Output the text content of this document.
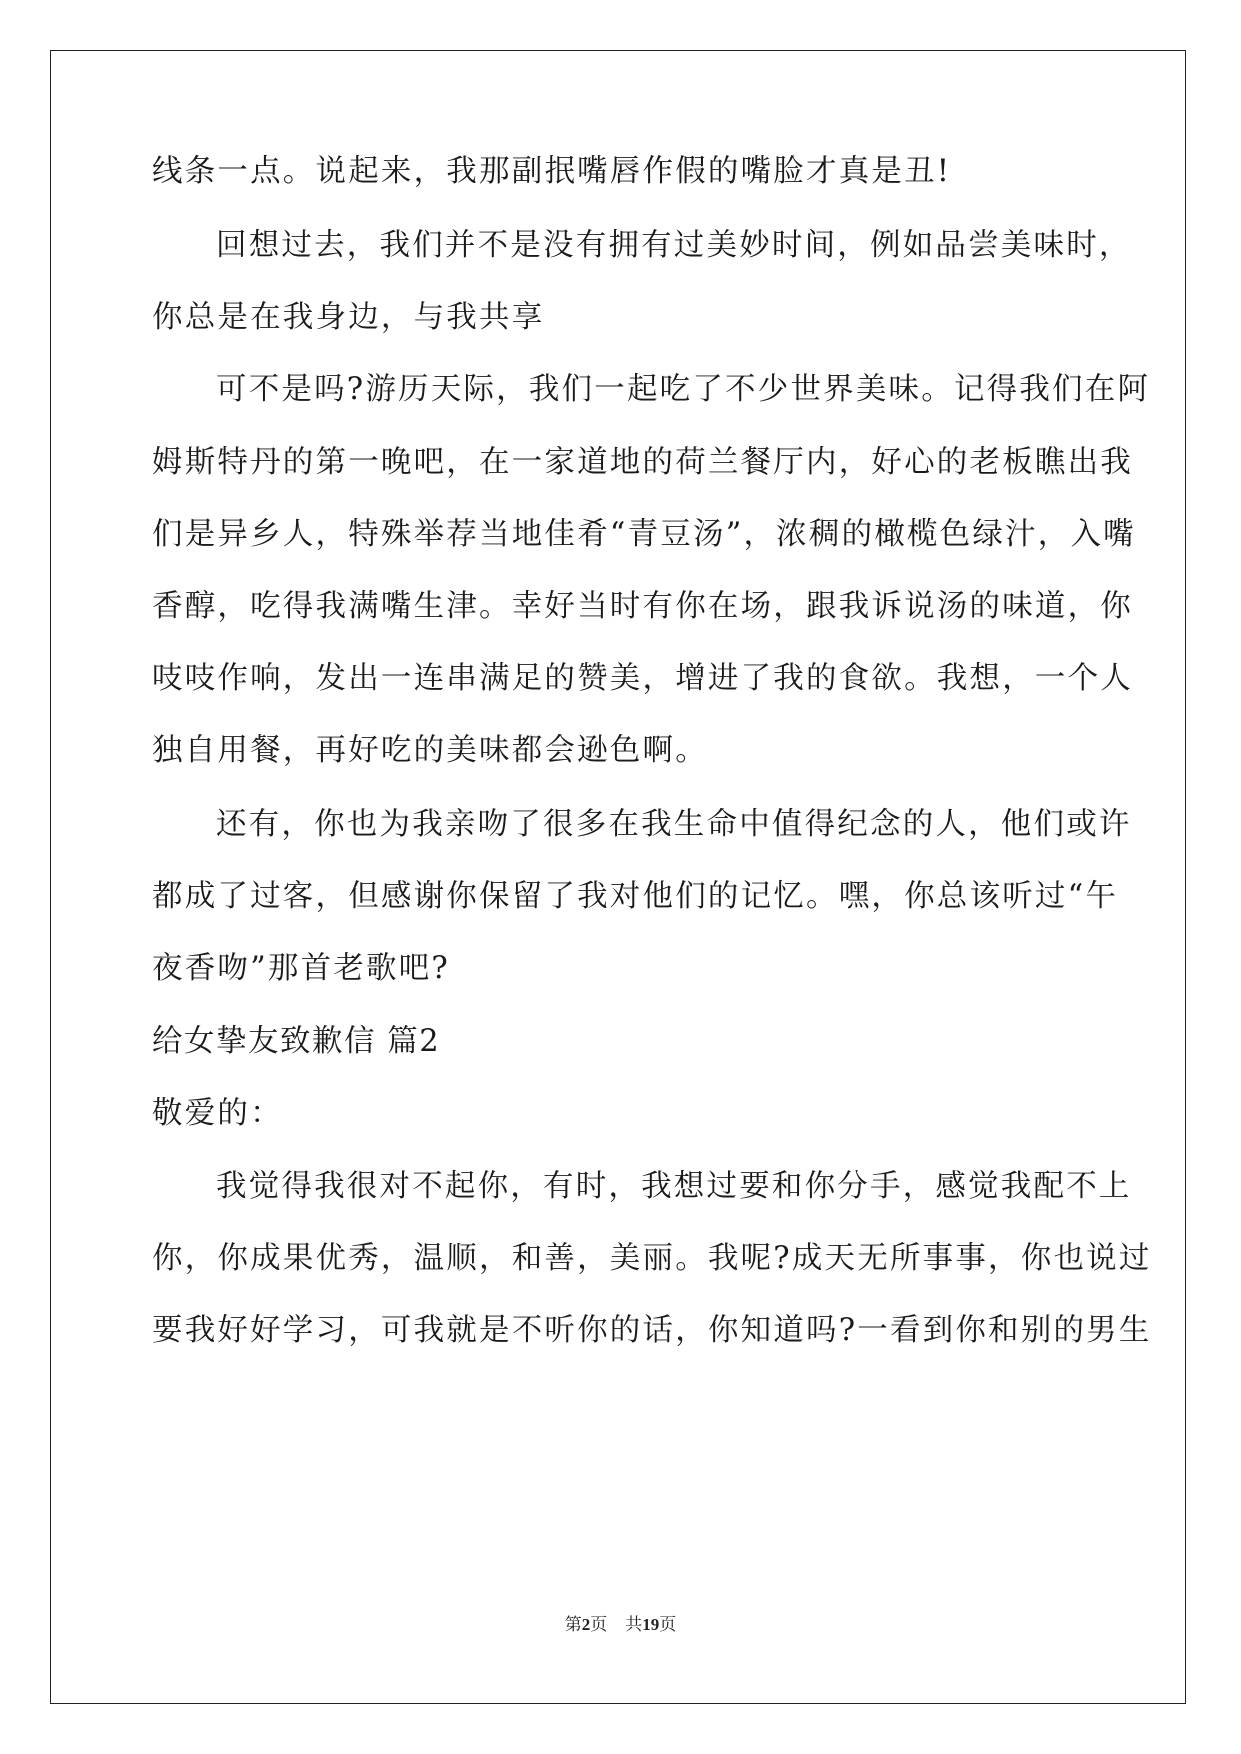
线条一点。说起来，我那副抿嘴唇作假的嘴脸才真是丑!
回想过去，我们并不是没有拥有过美妙时间，例如品尝美味时，
你总是在我身边，与我共享
可不是吗?游历天际，我们一起吃了不少世界美味。记得我们在阿
姆斯特丹的第一晚吧，在一家道地的荷兰餐厅内，好心的老板瞧出我
们是异乡人，特殊举荐当地佳肴“青豆汤”，浓稠的橄榄色绿汁，入嘴
香醇，吃得我满嘴生津。幸好当时有你在场，跟我诉说汤的味道，你
吱吱作响，发出一连串满足的赞美，增进了我的食欲。我想，一个人
独自用餐，再好吃的美味都会逊色啊。
还有，你也为我亲吻了很多在我生命中值得纪念的人，他们或许
都成了过客，但感谢你保留了我对他们的记忆。嘿，你总该听过“午
夜香吻”那首老歌吧?
给女挚友致歉信 篇2
敬爱的：
我觉得我很对不起你，有时，我想过要和你分手，感觉我配不上
你，你成果优秀，温顺，和善，美丽。我呢?成天无所事事，你也说过
要我好好学习，可我就是不听你的话，你知道吗?一看到你和别的男生
第2页 共19页
